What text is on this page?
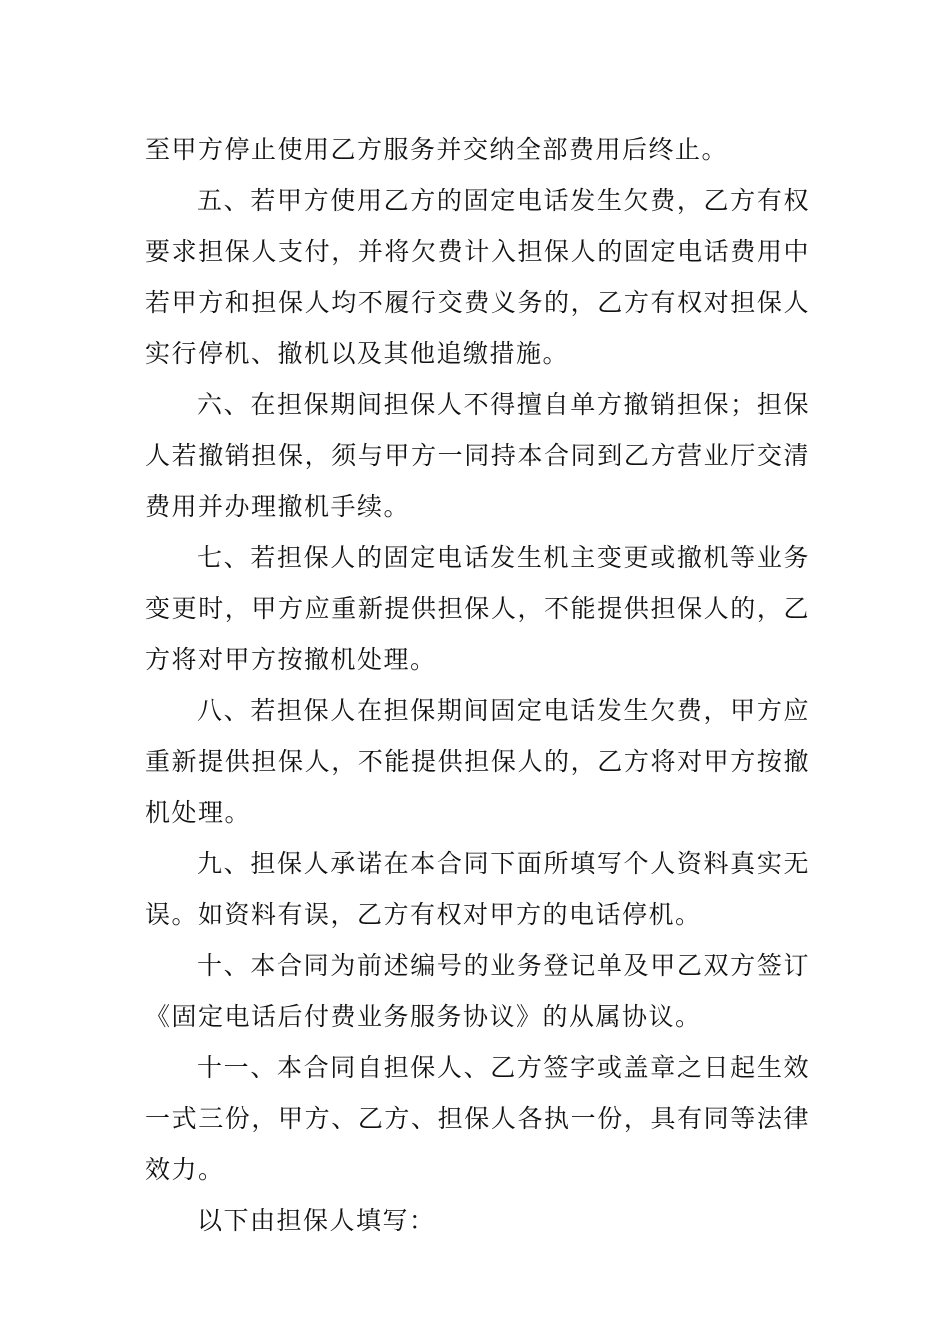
至甲方停止使用乙方服务并交纳全部费用后终止。

五、若甲方使用乙方的固定电话发生欠费，乙方有权要求担保人支付，并将欠费计入担保人的固定电话费用中若甲方和担保人均不履行交费义务的，乙方有权对担保人实行停机、撤机以及其他追缴措施。

六、在担保期间担保人不得擅自单方撤销担保；担保人若撤销担保，须与甲方一同持本合同到乙方营业厅交清费用并办理撤机手续。

七、若担保人的固定电话发生机主变更或撤机等业务变更时，甲方应重新提供担保人，不能提供担保人的，乙方将对甲方按撤机处理。

八、若担保人在担保期间固定电话发生欠费，甲方应重新提供担保人，不能提供担保人的，乙方将对甲方按撤机处理。

九、担保人承诺在本合同下面所填写个人资料真实无误。如资料有误，乙方有权对甲方的电话停机。

十、本合同为前述编号的业务登记单及甲乙双方签订《固定电话后付费业务服务协议》的从属协议。

十一、本合同自担保人、乙方签字或盖章之日起生效一式三份，甲方、乙方、担保人各执一份，具有同等法律效力。

以下由担保人填写：
